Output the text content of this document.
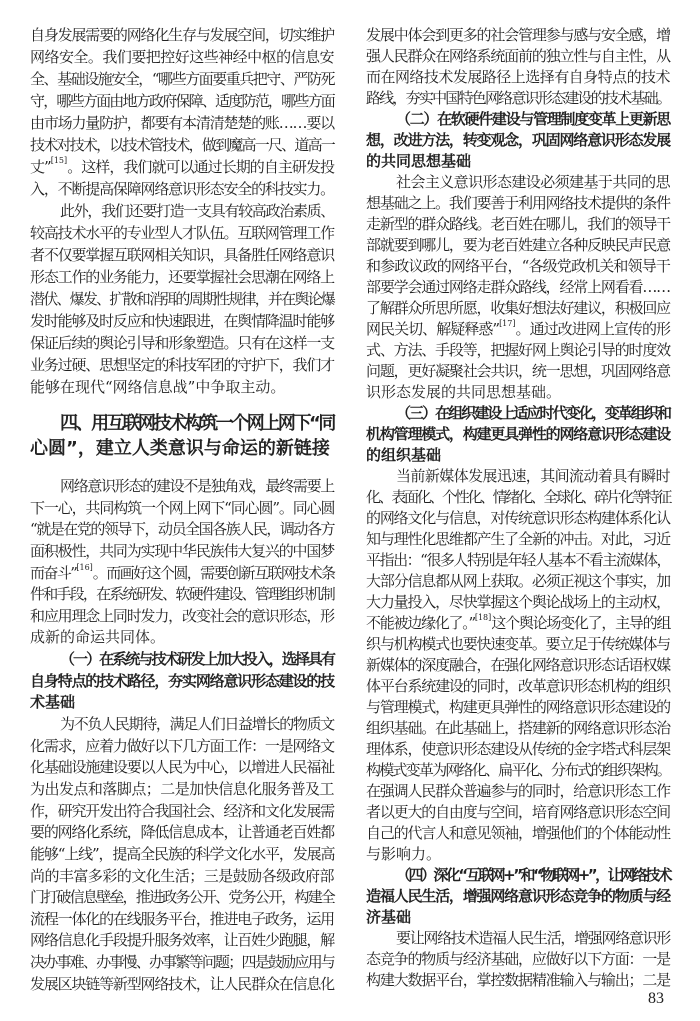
自身发展需要的网络化生存与发展空间，切实维护
网络安全。我们要把控好这些神经中枢的信息安
全、基础设施安全，“哪些方面要重兵把守、严防死
守，哪些方面由地方政府保障、适度防范，哪些方面
由市场力量防护，都要有本清清楚楚的账……要以
技术对技术，以技术管技术，做到魔高一尺、道高一
丈”[15]。这样，我们就可以通过长期的自主研发投
入，不断提高保障网络意识形态安全的科技实力。
此外，我们还要打造一支具有较高政治素质、
较高技术水平的专业型人才队伍。互联网管理工作
者不仅要掌握互联网相关知识，具备胜任网络意识
形态工作的业务能力，还要掌握社会思潮在网络上
潜伏、爆发、扩散和消弭的周期性规律，并在舆论爆
发时能够及时反应和快速跟进，在舆情降温时能够
保证后续的舆论引导和形象塑造。只有在这样一支
业务过硬、思想坚定的科技军团的守护下，我们才
能够在现代“网络信息战”中争取主动。
四、用互联网技术构筑一个网上网下“同
心圆”，建立人类意识与命运的新链接
网络意识形态的建设不是独角戏，最终需要上
下一心，共同构筑一个网上网下“同心圆”。同心圆
“就是在党的领导下，动员全国各族人民，调动各方
面积极性，共同为实现中华民族伟大复兴的中国梦
而奋斗”[16]。而画好这个圆，需要创新互联网技术条
件和手段，在系统研发、软硬件建设、管理组织机制
和应用理念上同时发力，改变社会的意识形态，形
成新的命运共同体。
（一）在系统与技术研发上加大投入，选择具有
自身特点的技术路径，夯实网络意识形态建设的技
术基础
为不负人民期待，满足人们日益增长的物质文
化需求，应着力做好以下几方面工作：一是网络文
化基础设施建设要以人民为中心，以增进人民福祉
为出发点和落脚点；二是加快信息化服务普及工
作，研究开发出符合我国社会、经济和文化发展需
要的网络化系统，降低信息成本，让普通老百姓都
能够“上线”，提高全民族的科学文化水平，发展高
尚的丰富多彩的文化生活；三是鼓励各级政府部
门打破信息壁垒，推进政务公开、党务公开，构建全
流程一体化的在线服务平台，推进电子政务，运用
网络信息化手段提升服务效率，让百姓少跑腿，解
决办事难、办事慢、办事繁等问题；四是鼓励应用与
发展区块链等新型网络技术，让人民群众在信息化
发展中体会到更多的社会管理参与感与安全感，增
强人民群众在网络系统面前的独立性与自主性，从
而在网络技术发展路径上选择有自身特点的技术
路线，夯实中国特色网络意识形态建设的技术基础。
（二）在软硬件建设与管理制度变革上更新思
想，改进方法，转变观念，巩固网络意识形态发展
的共同思想基础
社会主义意识形态建设必须建基于共同的思
想基础之上。我们要善于利用网络技术提供的条件
走新型的群众路线。老百姓在哪儿，我们的领导干
部就要到哪儿，要为老百姓建立各种反映民声民意
和参政议政的网络平台，“各级党政机关和领导干
部要学会通过网络走群众路线，经常上网看看……
了解群众所思所愿，收集好想法好建议，积极回应
网民关切、解疑释惑”[17]。通过改进网上宣传的形
式、方法、手段等，把握好网上舆论引导的时度效
问题，更好凝聚社会共识，统一思想，巩固网络意
识形态发展的共同思想基础。
（三）在组织建设上适应时代变化，变革组织和
机构管理模式，构建更具弹性的网络意识形态建设
的组织基础
当前新媒体发展迅速，其间流动着具有瞬时
化、表面化、个性化、情绪化、全球化、碎片化等特征
的网络文化与信息，对传统意识形态构建体系化认
知与理性化思维都产生了全新的冲击。对此，习近
平指出：“很多人特别是年轻人基本不看主流媒体，
大部分信息都从网上获取。必须正视这个事实，加
大力量投入，尽快掌握这个舆论战场上的主动权，
不能被边缘化了。”[18]这个舆论场变化了，主导的组
织与机构模式也要快速变革。要立足于传统媒体与
新媒体的深度融合，在强化网络意识形态话语权媒
体平台系统建设的同时，改革意识形态机构的组织
与管理模式，构建更具弹性的网络意识形态建设的
组织基础。在此基础上，搭建新的网络意识形态治
理体系，使意识形态建设从传统的金字塔式科层架
构模式变革为网络化、扁平化、分布式的组织架构。
在强调人民群众普遍参与的同时，给意识形态工作
者以更大的自由度与空间，培育网络意识形态空间
自己的代言人和意见领袖，增强他们的个体能动性
与影响力。
（四）深化“互联网+”和“物联网+”，让网络技术
造福人民生活，增强网络意识形态竞争的物质与经
济基础
要让网络技术造福人民生活，增强网络意识形
态竞争的物质与经济基础，应做好以下方面：一是
构建大数据平台，掌控数据精准输入与输出；二是
83
